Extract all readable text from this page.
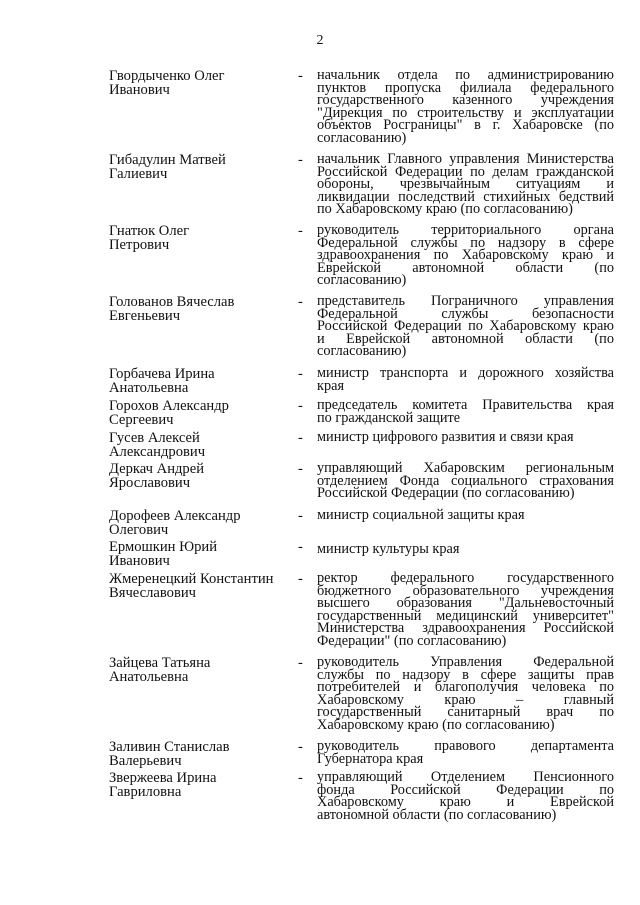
2
Гвордыченко Олег
Иванович
- начальник отдела по администрированию
пунктов пропуска филиала федерального
государственного казенного учреждения
"Дирекция по строительству и эксплуатации
объектов Росграницы" в г. Хабаровске (по
согласованию)
Гибадулин Матвей
Галиевич
- начальник Главного управления Министерства
Российской Федерации по делам гражданской
обороны, чрезвычайным ситуациям и
ликвидации последствий стихийных бедствий
по Хабаровскому краю (по согласованию)
Гнатюк Олег
Петрович
- руководитель территориального органа
Федеральной службы по надзору в сфере
здравоохранения по Хабаровскому краю и
Еврейской автономной области (по
согласованию)
Голованов Вячеслав
Евгеньевич
- представитель Пограничного управления
Федеральной службы безопасности
Российской Федерации по Хабаровскому краю
и Еврейской автономной области (по
согласованию)
Горбачева Ирина
Анатольевна
- министр транспорта и дорожного хозяйства
края
Горохов Александр
Сергеевич
- председатель комитета Правительства края
по гражданской защите
Гусев Алексей
Александрович
- министр цифрового развития и связи края
Деркач Андрей
Ярославович
- управляющий Хабаровским региональным
отделением Фонда социального страхования
Российской Федерации (по согласованию)
Дорофеев Александр
Олегович
- министр социальной защиты края
Ермошкин Юрий
Иванович
- министр культуры края
Жмеренецкий Константин
Вячеславович
- ректор федерального государственного
бюджетного образовательного учреждения
высшего образования "Дальневосточный
государственный медицинский университет"
Министерства здравоохранения Российской
Федерации" (по согласованию)
Зайцева Татьяна
Анатольевна
- руководитель Управления Федеральной
службы по надзору в сфере защиты прав
потребителей и благополучия человека по
Хабаровскому краю – главный
государственный санитарный врач по
Хабаровскому краю (по согласованию)
Заливин Станислав
Валерьевич
- руководитель правового департамента
Губернатора края
Звержеева Ирина
Гавриловна
- управляющий Отделением Пенсионного
фонда Российской Федерации по
Хабаровскому краю и Еврейской
автономной области (по согласованию)
